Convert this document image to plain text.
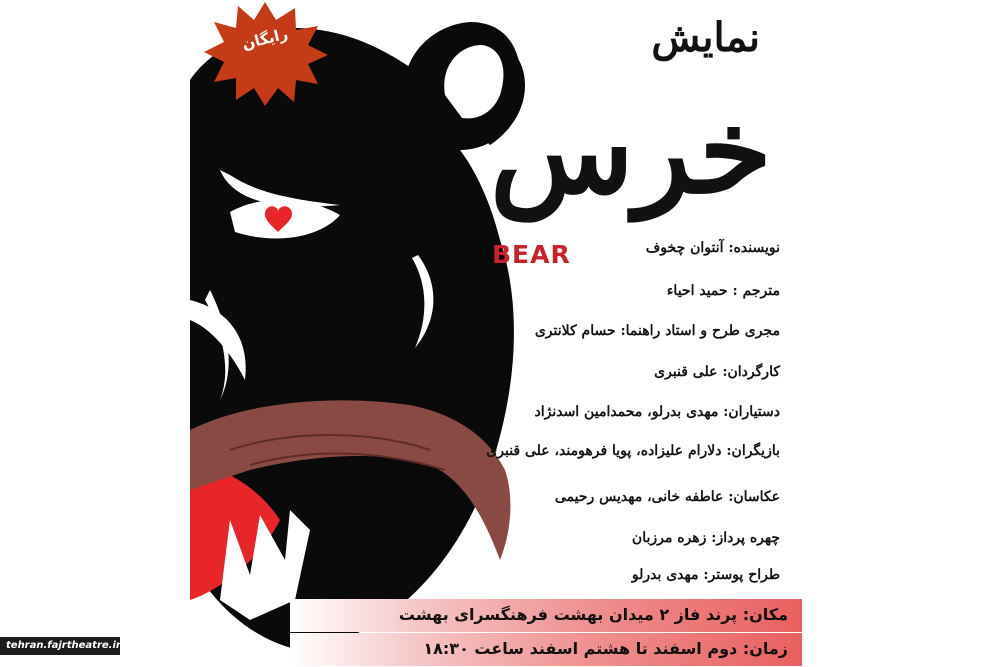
رایگان	نمایش
خرس
BEAR	نویسنده: آنتوان چخوف
مترجم : حمید احیاء
مجری طرح و استاد راهنما: حسام کلانتری
کارگردان: علی قنبری
دستیاران: مهدی بدرلو، محمدامین اسدنژاد
بازیگران: دلارام علیزاده، پویا فرهومند، علی قنبری
عکاسان: عاطفه خانی، مهدیس رحیمی
چهره پرداز: زهره مرزبان
طراح پوستر: مهدی بدرلو
مکان: پرند فاز ۲ میدان بهشت فرهنگسرای بهشت
زمان: دوم اسفند تا هشتم اسفند ساعت ۱۸:۳۰
tehran.fajrtheatre.ir
